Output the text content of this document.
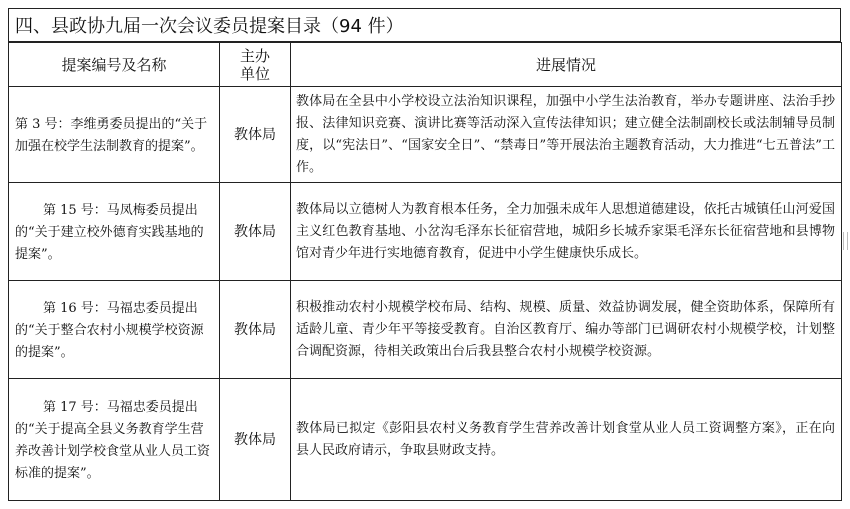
四、县政协九届一次会议委员提案目录（94 件）
提案编号及名称	主办单位	进展情况
第 3 号：李维勇委员提出的“关于加强在校学生法制教育的提案”。	教体局	教体局在全县中小学校设立法治知识课程，加强中小学生法治教育，举办专题讲座、法治手抄报、法律知识竞赛、演讲比赛等活动深入宣传法律知识；建立健全法制副校长或法制辅导员制度，以“宪法日”、“国家安全日”、“禁毒日”等开展法治主题教育活动，大力推进“七五普法”工作。
第 15 号：马凤梅委员提出的“关于建立校外德育实践基地的提案”。	教体局	教体局以立德树人为教育根本任务，全力加强未成年人思想道德建设，依托古城镇任山河爱国主义红色教育基地、小岔沟毛泽东长征宿营地，城阳乡长城乔家渠毛泽东长征宿营地和县博物馆对青少年进行实地德育教育，促进中小学生健康快乐成长。
第 16 号：马福忠委员提出的“关于整合农村小规模学校资源的提案”。	教体局	积极推动农村小规模学校布局、结构、规模、质量、效益协调发展，健全资助体系，保障所有适龄儿童、青少年平等接受教育。自治区教育厅、编办等部门已调研农村小规模学校，计划整合调配资源，待相关政策出台后我县整合农村小规模学校资源。
第 17 号：马福忠委员提出的“关于提高全县义务教育学生营养改善计划学校食堂从业人员工资标准的提案”。	教体局	教体局已拟定《彭阳县农村义务教育学生营养改善计划食堂从业人员工资调整方案》，正在向县人民政府请示，争取县财政支持。
